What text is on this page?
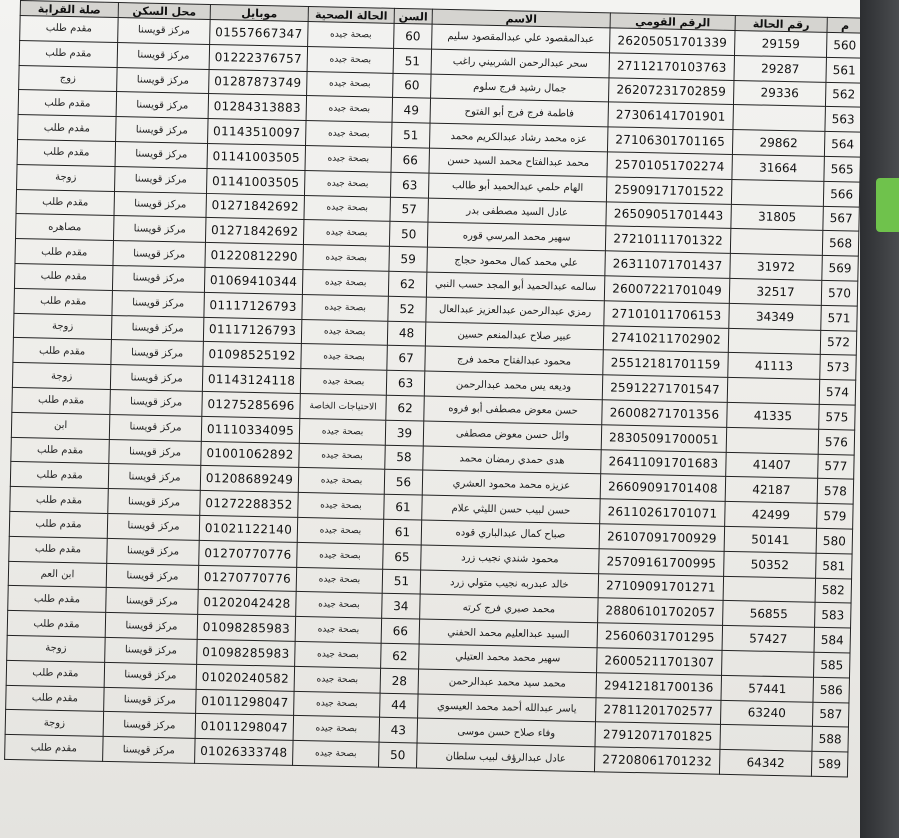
م	رقم الحالة	الرقم القومي	الاسم	السن	الحالة الصحية	موبايل	محل السكن	صلة القرابة
560	29159	26205051701339	عبدالمقصود علي عبدالمقصود سليم	60	بصحة جيده	01557667347	مركز قويسنا	مقدم طلب
561	29287	27112170103763	سحر عبدالرحمن الشربيني راغب	51	بصحة جيده	01222376757	مركز قويسنا	مقدم طلب
562	29336	26207231702859	جمال رشيد فرج سلوم	60	بصحة جيده	01287873749	مركز قويسنا	زوج
563		27306141701901	فاطمة فرج فرج أبو الفتوح	49	بصحة جيده	01284313883	مركز قويسنا	مقدم طلب
564	29862	27106301701165	عزه محمد رشاد عبدالكريم محمد	51	بصحة جيده	01143510097	مركز قويسنا	مقدم طلب
565	31664	25701051702274	محمد عبدالفتاح محمد السيد حسن	66	بصحة جيده	01141003505	مركز قويسنا	مقدم طلب
566		25909171701522	الهام حلمي عبدالحميد أبو طالب	63	بصحة جيده	01141003505	مركز قويسنا	زوجة
567	31805	26509051701443	عادل السيد مصطفى بدر	57	بصحة جيده	01271842692	مركز قويسنا	مقدم طلب
568		27210111701322	سهير محمد المرسي قوره	50	بصحة جيده	01271842692	مركز قويسنا	مصاهره
569	31972	26311071701437	علي محمد كمال محمود حجاج	59	بصحة جيده	01220812290	مركز قويسنا	مقدم طلب
570	32517	26007221701049	سالمه عبدالحميد أبو المجد حسب النبي	62	بصحة جيده	01069410344	مركز قويسنا	مقدم طلب
571	34349	27101011706153	رمزي عبدالرحمن عبدالعزيز عبدالعال	52	بصحة جيده	01117126793	مركز قويسنا	مقدم طلب
572		27410211702902	عبير صلاح عبدالمنعم حسين	48	بصحة جيده	01117126793	مركز قويسنا	زوجة
573	41113	25512181701159	محمود عبدالفتاح محمد فرج	67	بصحة جيده	01098525192	مركز قويسنا	مقدم طلب
574		25912271701547	وديعه يس محمد عبدالرحمن	63	بصحة جيده	01143124118	مركز قويسنا	زوجة
575	41335	26008271701356	حسن معوض مصطفى أبو فروه	62	الاحتياجات الخاصة	01275285696	مركز قويسنا	مقدم طلب
576		28305091700051	وائل حسن معوض مصطفى	39	بصحة جيده	01110334095	مركز قويسنا	ابن
577	41407	26411091701683	هدى حمدي رمضان محمد	58	بصحة جيده	01001062892	مركز قويسنا	مقدم طلب
578	42187	26609091701408	عزيزه محمد محمود العشري	56	بصحة جيده	01208689249	مركز قويسنا	مقدم طلب
579	42499	26110261701071	حسن لبيب حسن الليثي علام	61	بصحة جيده	01272288352	مركز قويسنا	مقدم طلب
580	50141	26107091700929	صباح كمال عبدالباري قوده	61	بصحة جيده	01021122140	مركز قويسنا	مقدم طلب
581	50352	25709161700995	محمود شندي نجيب زرد	65	بصحة جيده	01270770776	مركز قويسنا	مقدم طلب
582		27109091701271	خالد عبدربه نجيب متولي زرد	51	بصحة جيده	01270770776	مركز قويسنا	ابن العم
583	56855	28806101702057	محمد صبري فرج كرته	34	بصحة جيده	01202042428	مركز قويسنا	مقدم طلب
584	57427	25606031701295	السيد عبدالعليم محمد الحفني	66	بصحة جيده	01098285983	مركز قويسنا	مقدم طلب
585		26005211701307	سهير محمد محمد العتيلي	62	بصحة جيده	01098285983	مركز قويسنا	زوجة
586	57441	29412181700136	محمد سيد محمد عبدالرحمن	28	بصحة جيده	01020240582	مركز قويسنا	مقدم طلب
587	63240	27811201702577	ياسر عبدالله أحمد محمد العيسوي	44	بصحة جيده	01011298047	مركز قويسنا	مقدم طلب
588		27912071701825	وفاء صلاح حسن موسى	43	بصحة جيده	01011298047	مركز قويسنا	زوجة
589	64342	27208061701232	عادل عبدالرؤف لبيب سلطان	50	بصحة جيده	01026333748	مركز قويسنا	مقدم طلب
